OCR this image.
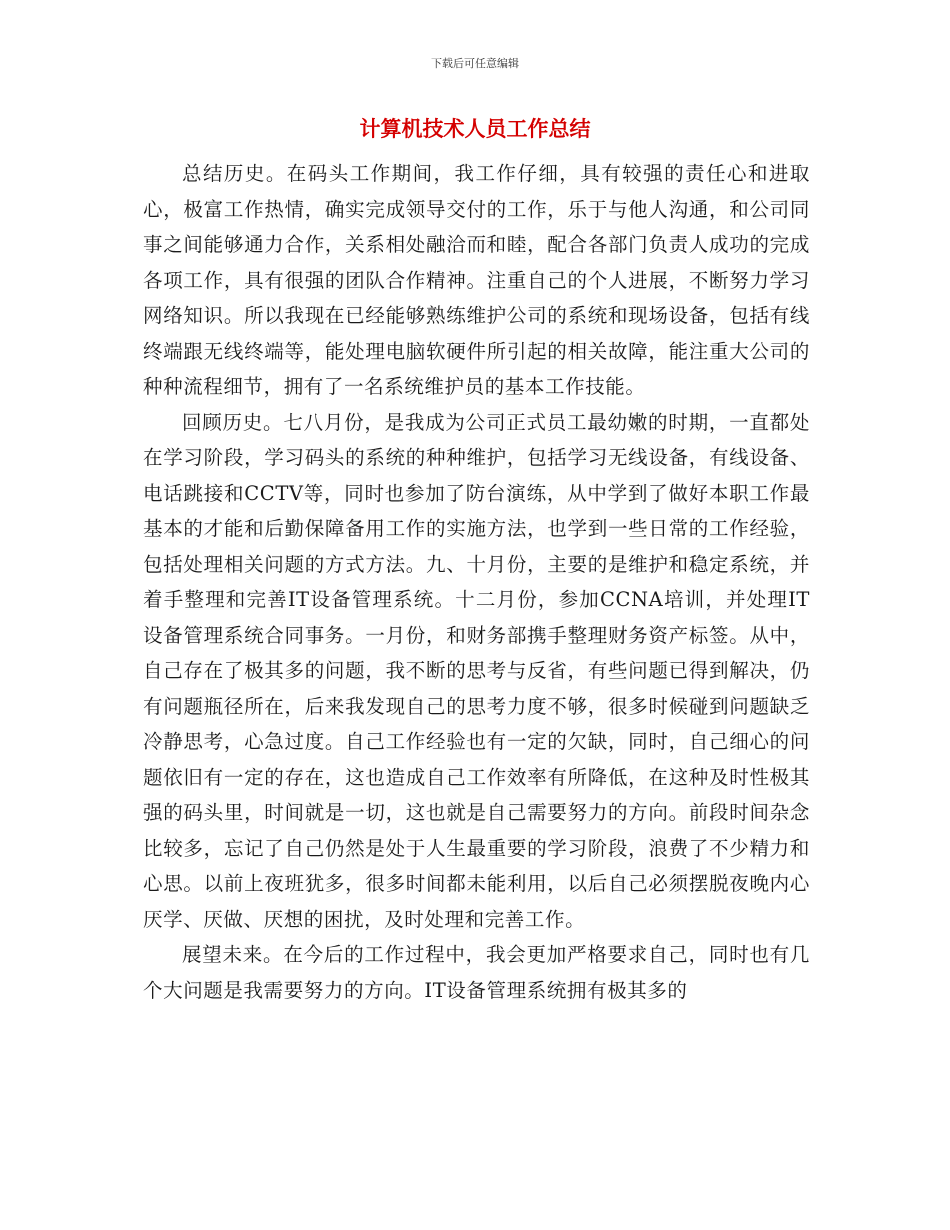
下载后可任意编辑
计算机技术人员工作总结

总结历史。在码头工作期间，我工作仔细，具有较强的责任心和进取心，极富工作热情，确实完成领导交付的工作，乐于与他人沟通，和公司同事之间能够通力合作，关系相处融洽而和睦，配合各部门负责人成功的完成各项工作，具有很强的团队合作精神。注重自己的个人进展，不断努力学习网络知识。所以我现在已经能够熟练维护公司的系统和现场设备，包括有线终端跟无线终端等，能处理电脑软硬件所引起的相关故障，能注重大公司的种种流程细节，拥有了一名系统维护员的基本工作技能。

回顾历史。七八月份，是我成为公司正式员工最幼嫩的时期，一直都处在学习阶段，学习码头的系统的种种维护，包括学习无线设备，有线设备、电话跳接和CCTV等，同时也参加了防台演练，从中学到了做好本职工作最基本的才能和后勤保障备用工作的实施方法，也学到一些日常的工作经验，包括处理相关问题的方式方法。九、十月份，主要的是维护和稳定系统，并着手整理和完善IT设备管理系统。十二月份，参加CCNA培训，并处理IT设备管理系统合同事务。一月份，和财务部携手整理财务资产标签。从中，自己存在了极其多的问题，我不断的思考与反省，有些问题已得到解决，仍有问题瓶径所在，后来我发现自己的思考力度不够，很多时候碰到问题缺乏冷静思考，心急过度。自己工作经验也有一定的欠缺，同时，自己细心的问题依旧有一定的存在，这也造成自己工作效率有所降低，在这种及时性极其强的码头里，时间就是一切，这也就是自己需要努力的方向。前段时间杂念比较多，忘记了自己仍然是处于人生最重要的学习阶段，浪费了不少精力和心思。以前上夜班犹多，很多时间都未能利用，以后自己必须摆脱夜晚内心厌学、厌做、厌想的困扰，及时处理和完善工作。

展望未来。在今后的工作过程中，我会更加严格要求自己，同时也有几个大问题是我需要努力的方向。IT设备管理系统拥有极其多的
